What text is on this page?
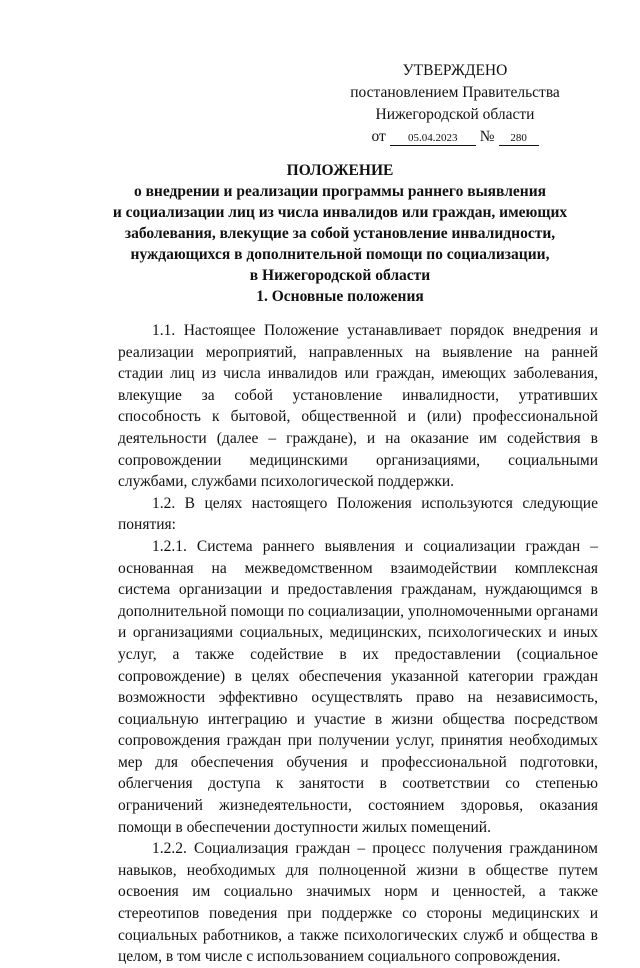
УТВЕРЖДЕНО
постановлением Правительства
Нижегородской области
от	05.04.2023	№	280
ПОЛОЖЕНИЕ
о внедрении и реализации программы раннего выявления
и социализации лиц из числа инвалидов или граждан, имеющих
заболевания, влекущие за собой установление инвалидности,
нуждающихся в дополнительной помощи по социализации,
в Нижегородской области
1. Основные положения

1.1. Настоящее Положение устанавливает порядок внедрения и реализации мероприятий, направленных на выявление на ранней стадии лиц из числа инвалидов или граждан, имеющих заболевания, влекущие за собой установление инвалидности, утративших способность к бытовой, общественной и (или) профессиональной деятельности (далее – граждане), и на оказание им содействия в сопровождении медицинскими организациями, социальными службами, службами психологической поддержки.

1.2. В целях настоящего Положения используются следующие понятия:

1.2.1. Система раннего выявления и социализации граждан – основанная на межведомственном взаимодействии комплексная система организации и предоставления гражданам, нуждающимся в дополнительной помощи по социализации, уполномоченными органами и организациями социальных, медицинских, психологических и иных услуг, а также содействие в их предоставлении (социальное сопровождение) в целях обеспечения указанной категории граждан возможности эффективно осуществлять право на независимость, социальную интеграцию и участие в жизни общества посредством сопровождения граждан при получении услуг, принятия необходимых мер для обеспечения обучения и профессиональной подготовки, облегчения доступа к занятости в соответствии со степенью ограничений жизнедеятельности, состоянием здоровья, оказания помощи в обеспечении доступности жилых помещений.

1.2.2. Социализация граждан – процесс получения гражданином навыков, необходимых для полноценной жизни в обществе путем освоения им социально значимых норм и ценностей, а также стереотипов поведения при поддержке со стороны медицинских и социальных работников, а также психологических служб и общества в целом, в том числе с использованием социального сопровождения.
